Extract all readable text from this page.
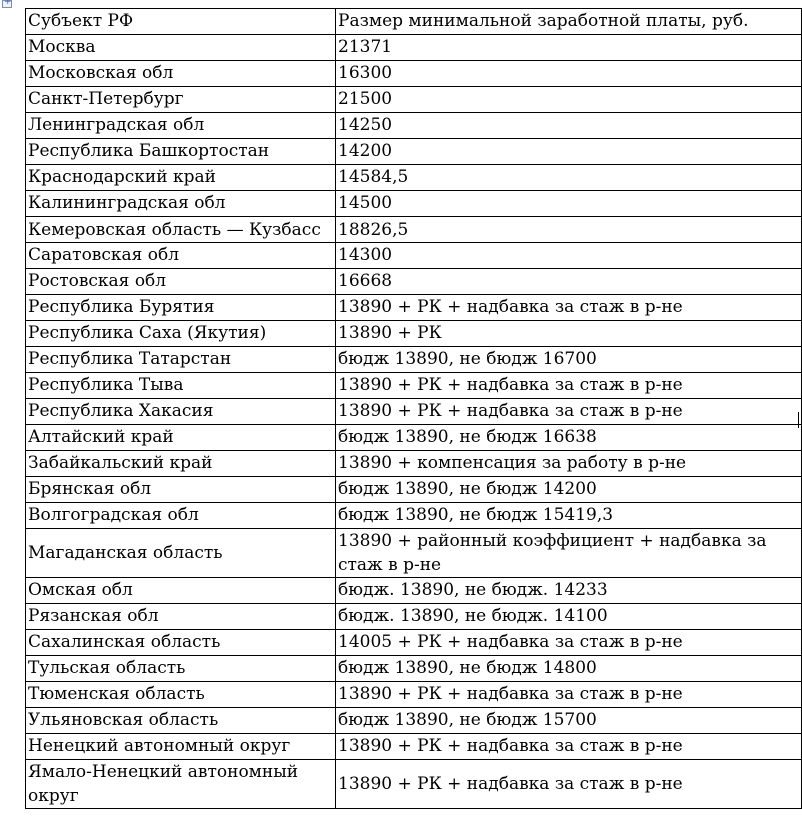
+
Субъект РФ	Размер минимальной заработной платы, руб.
Москва	21371
Московская обл	16300
Санкт-Петербург	21500
Ленинградская обл	14250
Республика Башкортостан	14200
Краснодарский край	14584,5
Калининградская обл	14500
Кемеровская область — Кузбасс	18826,5
Саратовская обл	14300
Ростовская обл	16668
Республика Бурятия	13890 + РК + надбавка за стаж в р-не
Республика Саха (Якутия)	13890 + РК
Республика Татарстан	бюдж 13890, не бюдж 16700
Республика Тыва	13890 + РК + надбавка за стаж в р-не
Республика Хакасия	13890 + РК + надбавка за стаж в р-не
Алтайский край	бюдж 13890, не бюдж 16638
Забайкальский край	13890 + компенсация за работу в р-не
Брянская обл	бюдж 13890, не бюдж 14200
Волгоградская обл	бюдж 13890, не бюдж 15419,3
Магаданская область	13890 + районный коэффициент + надбавка за стаж в р-не
Омская обл	бюдж. 13890, не бюдж. 14233
Рязанская обл	бюдж. 13890, не бюдж. 14100
Сахалинская область	14005 + РК + надбавка за стаж в р-не
Тульская область	бюдж 13890, не бюдж 14800
Тюменская область	13890 + РК + надбавка за стаж в р-не
Ульяновская область	бюдж 13890, не бюдж 15700
Ненецкий автономный округ	13890 + РК + надбавка за стаж в р-не
Ямало-Ненецкий автономный округ	13890 + РК + надбавка за стаж в р-не
